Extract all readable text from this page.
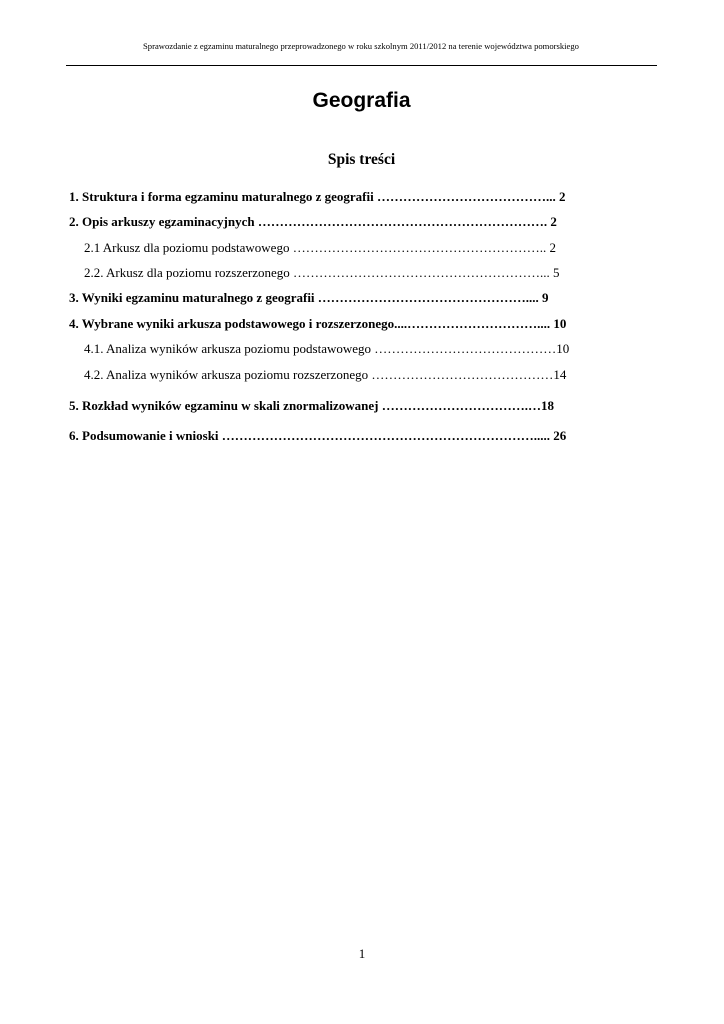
Sprawozdanie z egzaminu maturalnego przeprowadzonego w roku szkolnym 2011/2012 na terenie województwa pomorskiego
Geografia
Spis treści
1. Struktura i forma egzaminu maturalnego z geografii …………………………………... 2
2. Opis arkuszy egzaminacyjnych …………………………………………………………. 2
2.1 Arkusz dla poziomu podstawowego ………………………………………………….. 2
2.2. Arkusz dla poziomu rozszerzonego …………………………………………………... 5
3. Wyniki egzaminu maturalnego z geografii ………………………………………….... 9
4. Wybrane wyniki arkusza podstawowego i rozszerzonego....………………………….... 10
4.1. Analiza wyników arkusza poziomu podstawowego ……………………………………10
4.2. Analiza wyników arkusza poziomu rozszerzonego ……………………………………14
5. Rozkład wyników egzaminu w skali znormalizowanej …………………………….…18
6. Podsumowanie i wnioski ………………………………………………………………..... 26
1
